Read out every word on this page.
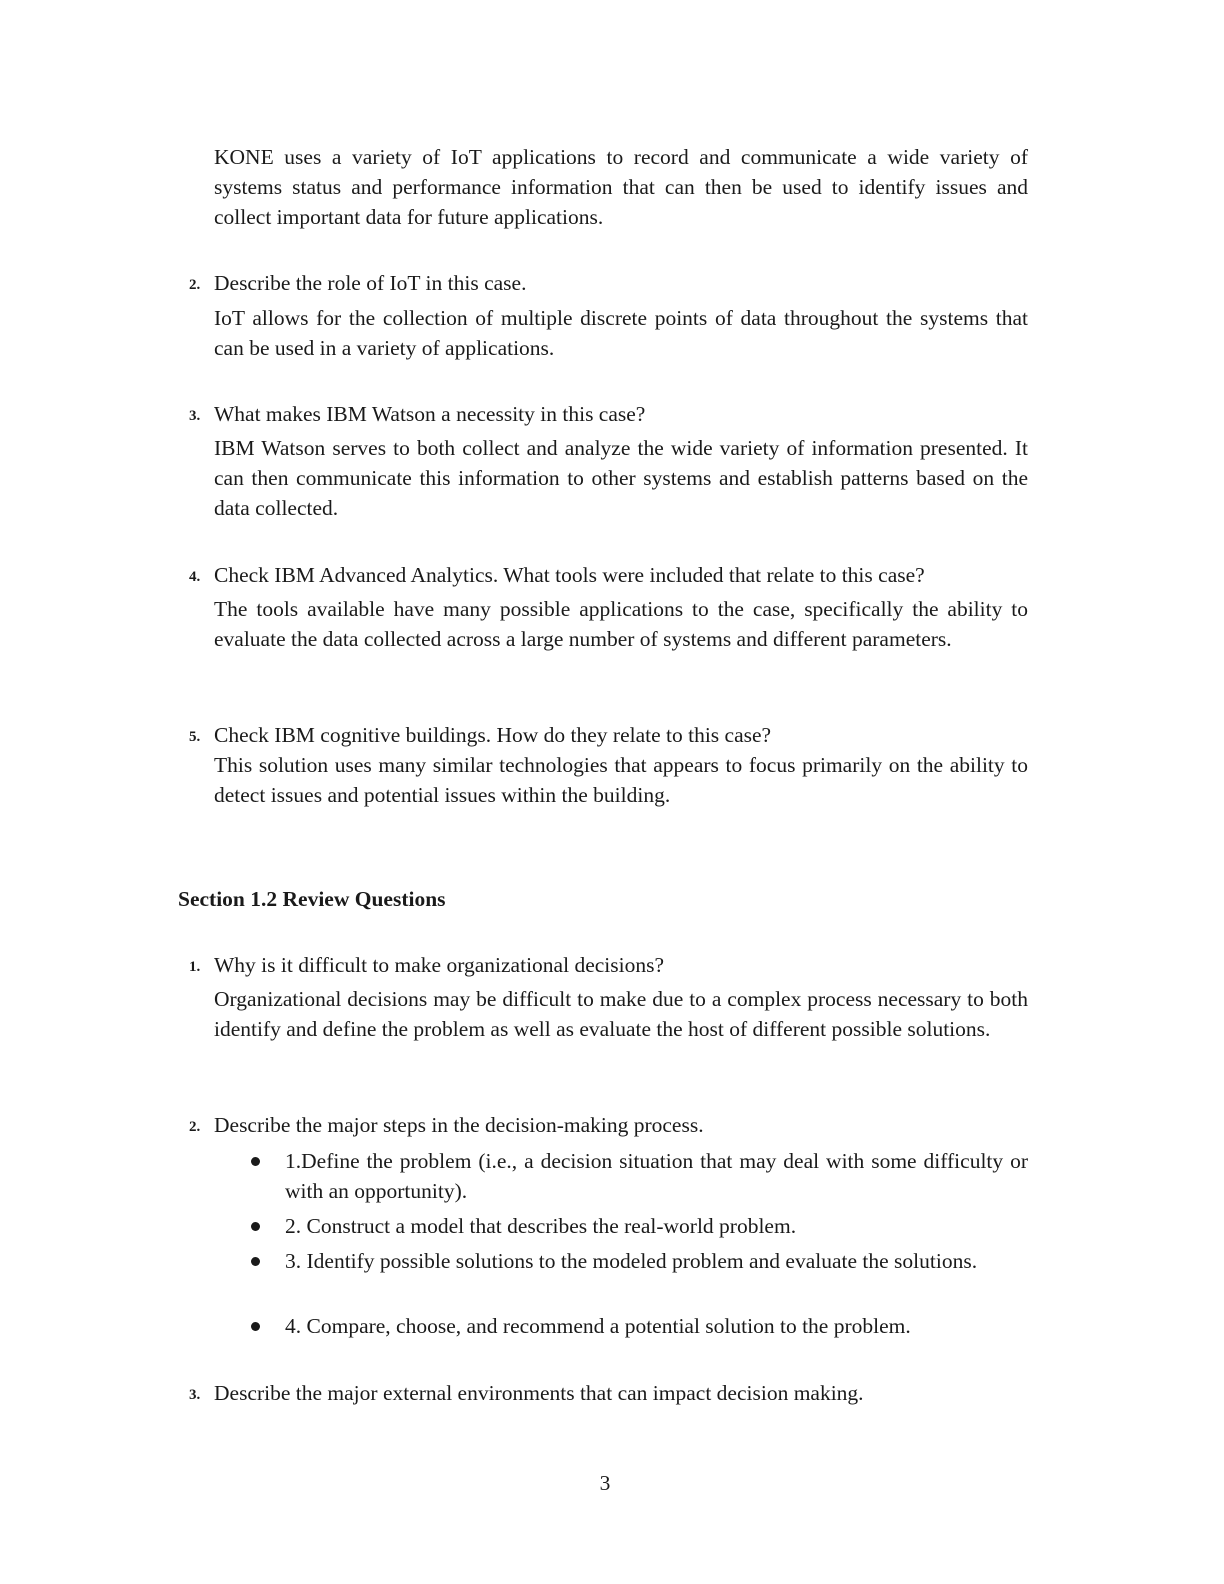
KONE uses a variety of IoT applications to record and communicate a wide variety of systems status and performance information that can then be used to identify issues and collect important data for future applications.

2. Describe the role of IoT in this case.

IoT allows for the collection of multiple discrete points of data throughout the systems that can be used in a variety of applications.

3. What makes IBM Watson a necessity in this case?

IBM Watson serves to both collect and analyze the wide variety of information presented. It can then communicate this information to other systems and establish patterns based on the data collected.

4. Check IBM Advanced Analytics. What tools were included that relate to this case?

The tools available have many possible applications to the case, specifically the ability to evaluate the data collected across a large number of systems and different parameters.

5. Check IBM cognitive buildings. How do they relate to this case?

This solution uses many similar technologies that appears to focus primarily on the ability to detect issues and potential issues within the building.

Section 1.2 Review Questions
1. Why is it difficult to make organizational decisions?

Organizational decisions may be difficult to make due to a complex process necessary to both identify and define the problem as well as evaluate the host of different possible solutions.

2. Describe the major steps in the decision-making process.

1.Define the problem (i.e., a decision situation that may deal with some difficulty or with an opportunity).

2. Construct a model that describes the real-world problem.

3. Identify possible solutions to the modeled problem and evaluate the solutions.

4. Compare, choose, and recommend a potential solution to the problem.

3. Describe the major external environments that can impact decision making.

3
